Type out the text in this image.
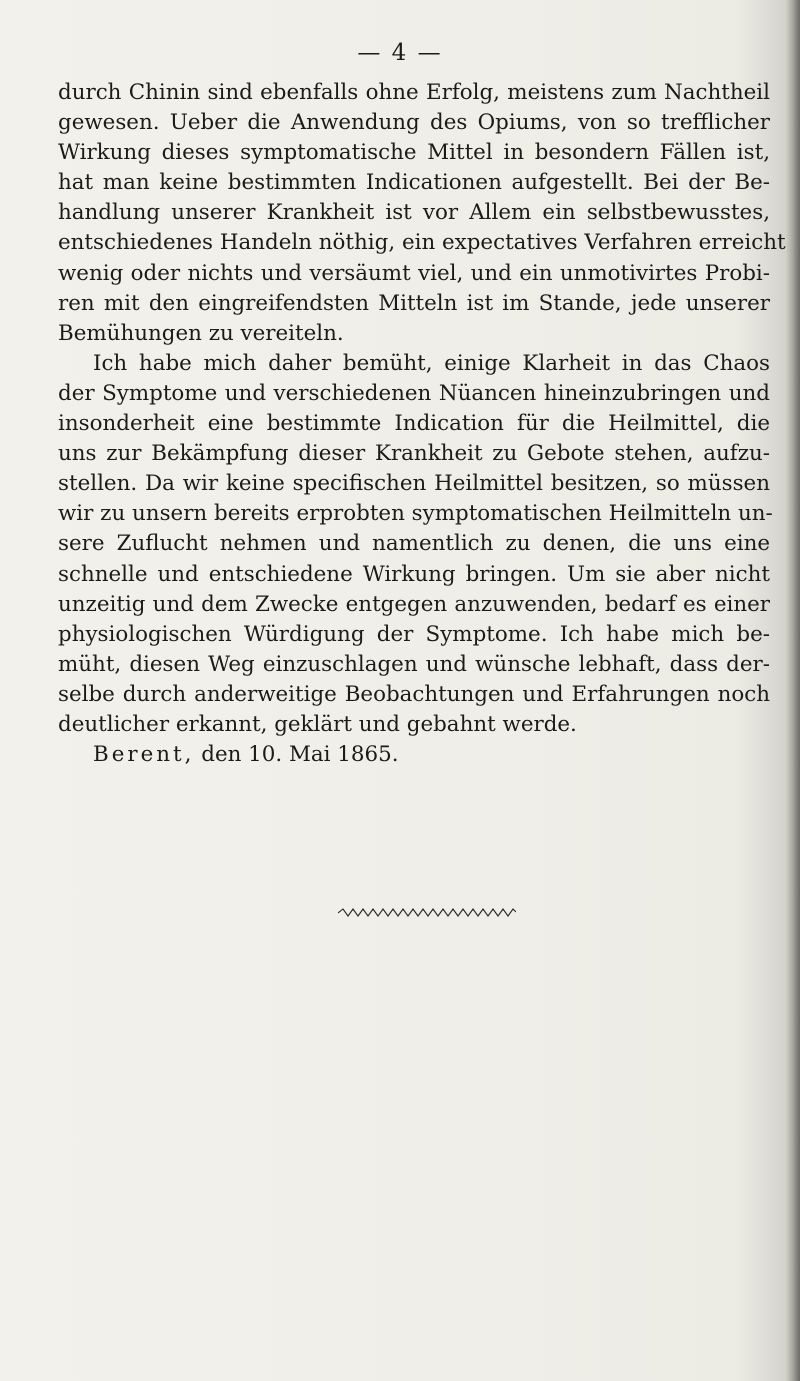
— 4 —
durch Chinin sind ebenfalls ohne Erfolg, meistens zum Nachtheil
gewesen. Ueber die Anwendung des Opiums, von so trefflicher
Wirkung dieses symptomatische Mittel in besondern Fällen ist,
hat man keine bestimmten Indicationen aufgestellt. Bei der Be-
handlung unserer Krankheit ist vor Allem ein selbstbewusstes,
entschiedenes Handeln nöthig, ein expectatives Verfahren erreicht
wenig oder nichts und versäumt viel, und ein unmotivirtes Probi-
ren mit den eingreifendsten Mitteln ist im Stande, jede unserer
Bemühungen zu vereiteln.
Ich habe mich daher bemüht, einige Klarheit in das Chaos
der Symptome und verschiedenen Nüancen hineinzubringen und
insonderheit eine bestimmte Indication für die Heilmittel, die
uns zur Bekämpfung dieser Krankheit zu Gebote stehen, aufzu-
stellen. Da wir keine specifischen Heilmittel besitzen, so müssen
wir zu unsern bereits erprobten symptomatischen Heilmitteln un-
sere Zuflucht nehmen und namentlich zu denen, die uns eine
schnelle und entschiedene Wirkung bringen. Um sie aber nicht
unzeitig und dem Zwecke entgegen anzuwenden, bedarf es einer
physiologischen Würdigung der Symptome. Ich habe mich be-
müht, diesen Weg einzuschlagen und wünsche lebhaft, dass der-
selbe durch anderweitige Beobachtungen und Erfahrungen noch
deutlicher erkannt, geklärt und gebahnt werde.
Berent, den 10. Mai 1865.
